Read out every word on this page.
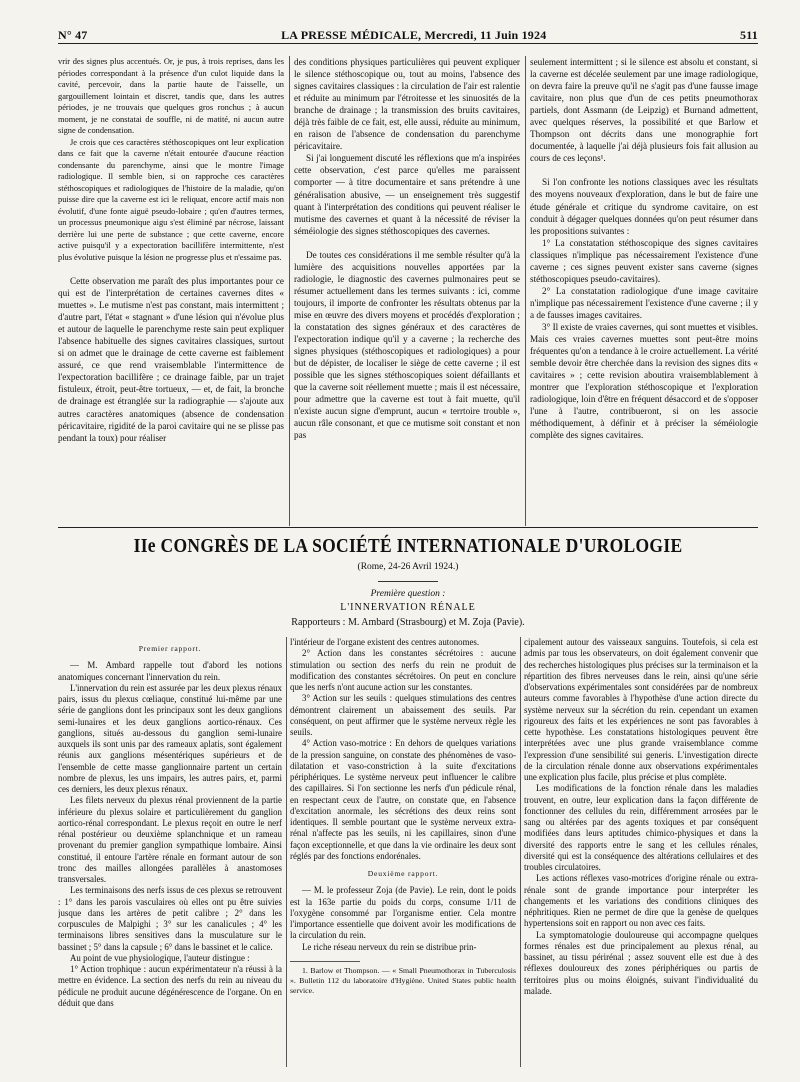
N° 47	LA PRESSE MÉDICALE, Mercredi, 11 Juin 1924	511

vrir des signes plus accentués. Or, je pus, à trois reprises, dans les périodes correspondant à la présence d'un culot liquide dans la cavité, percevoir, dans la partie haute de l'aisselle, un gargouillement lointain et discret, tandis que, dans les autres périodes, je ne trouvais que quelques gros ronchus ; à aucun moment, je ne constatai de souffle, ni de matité, ni aucun autre signe de condensation.

Je crois que ces caractères stéthoscopiques ont leur explication dans ce fait que la caverne n'était entourée d'aucune réaction condensante du parenchyme, ainsi que le montre l'image radiologique. Il semble bien, si on rapproche ces caractères stéthoscopiques et radiologiques de l'histoire de la maladie, qu'on puisse dire que la caverne est ici le reliquat, encore actif mais non évolutif, d'une fonte aiguë pseudo-lobaire ; qu'en d'autres termes, un processus pneumonique aigu s'est éliminé par nécrose, laissant derrière lui une perte de substance ; que cette caverne, encore active puisqu'il y a expectoration bacillifère intermittente, n'est plus évolutive puisque la lésion ne progresse plus et n'essaime pas.

Cette observation me paraît des plus importantes pour ce qui est de l'interprétation de certaines cavernes dites « muettes ». Le mutisme n'est pas constant, mais intermittent ; d'autre part, l'état « stagnant » d'une lésion qui n'évolue plus et autour de laquelle le parenchyme reste sain peut expliquer l'absence habituelle des signes cavitaires classiques, surtout si on admet que le drainage de cette caverne est faiblement assuré, ce que rend vraisemblable l'intermittence de l'expectoration bacillifère ; ce drainage faible, par un trajet fistuleux, étroit, peut-être tortueux, — et, de fait, la bronche de drainage est étranglée sur la radiographie — s'ajoute aux autres caractères anatomiques (absence de condensation péricavitaire, rigidité de la paroi cavitaire qui ne se plisse pas pendant la toux) pour réaliser

des conditions physiques particulières qui peuvent expliquer le silence stéthoscopique ou, tout au moins, l'absence des signes cavitaires classiques : la circulation de l'air est ralentie et réduite au minimum par l'étroitesse et les sinuosités de la branche de drainage ; la transmission des bruits cavitaires, déjà très faible de ce fait, est, elle aussi, réduite au minimum, en raison de l'absence de condensation du parenchyme péricavitaire.

Si j'ai longuement discuté les réflexions que m'a inspirées cette observation, c'est parce qu'elles me paraissent comporter — à titre documentaire et sans prétendre à une généralisation abusive, — un enseignement très suggestif quant à l'interprétation des conditions qui peuvent réaliser le mutisme des cavernes et quant à la nécessité de réviser la séméiologie des signes stéthoscopiques des cavernes.

De toutes ces considérations il me semble résulter qu'à la lumière des acquisitions nouvelles apportées par la radiologie, le diagnostic des cavernes pulmonaires peut se résumer actuellement dans les termes suivants : ici, comme toujours, il importe de confronter les résultats obtenus par la mise en œuvre des divers moyens et procédés d'exploration ; la constatation des signes généraux et des caractères de l'expectoration indique qu'il y a caverne ; la recherche des signes physiques (stéthoscopiques et radiologiques) a pour but de dépister, de localiser le siège de cette caverne ; il est possible que les signes stéthoscopiques soient défaillants et que la caverne soit réellement muette ; mais il est nécessaire, pour admettre que la caverne est tout à fait muette, qu'il n'existe aucun signe d'emprunt, aucun « terrtoire trouble », aucun râle consonant, et que ce mutisme soit constant et non pas

seulement intermittent ; si le silence est absolu et constant, si la caverne est décelée seulement par une image radiologique, on devra faire la preuve qu'il ne s'agit pas d'une fausse image cavitaire, non plus que d'un de ces petits pneumothorax partiels, dont Assmann (de Leipzig) et Burnand admettent, avec quelques réserves, la possibilité et que Barlow et Thompson ont décrits dans une monographie fort documentée, à laquelle j'ai déjà plusieurs fois fait allusion au cours de ces leçons¹.

Si l'on confronte les notions classiques avec les résultats des moyens nouveaux d'exploration, dans le but de faire une étude générale et critique du syndrome cavitaire, on est conduit à dégager quelques données qu'on peut résumer dans les propositions suivantes :

1° La constatation stéthoscopique des signes cavitaires classiques n'implique pas nécessairement l'existence d'une caverne ; ces signes peuvent exister sans caverne (signes stéthoscopiques pseudo-cavitaires).

2° La constatation radiologique d'une image cavitaire n'implique pas nécessairement l'existence d'une caverne ; il y a de fausses images cavitaires.

3° Il existe de vraies cavernes, qui sont muettes et visibles. Mais ces vraies cavernes muettes sont peut-être moins fréquentes qu'on a tendance à le croire actuellement. La vérité semble devoir être cherchée dans la revision des signes dits « cavitaires » ; cette revision aboutira vraisemblablement à montrer que l'exploration stéthoscopique et l'exploration radiologique, loin d'être en fréquent désaccord et de s'opposer l'une à l'autre, contribueront, si on les associe méthodiquement, à définir et à préciser la séméiologie complète des signes cavitaires.

IIe CONGRÈS DE LA SOCIÉTÉ INTERNATIONALE D'UROLOGIE
(Rome, 24-26 Avril 1924.)
Première question :
L'INNERVATION RÉNALE
Rapporteurs : M. Ambard (Strasbourg) et M. Zoja (Pavie).

Premier rapport.

— M. Ambard rappelle tout d'abord les notions anatomiques concernant l'innervation du rein.

L'innervation du rein est assurée par les deux plexus rénaux pairs, issus du plexus cœliaque, constitué lui-même par une série de ganglions dont les principaux sont les deux ganglions semi-lunaires et les deux ganglions aortico-rénaux. Ces ganglions, situés au-dessous du ganglion semi-lunaire auxquels ils sont unis par des rameaux aplatis, sont également réunis aux ganglions mésentériques supérieurs et de l'ensemble de cette masse ganglionnaire partent un certain nombre de plexus, les uns impairs, les autres pairs, et, parmi ces derniers, les deux plexus rénaux.

Les filets nerveux du plexus rénal proviennent de la partie inférieure du plexus solaire et particulièrement du ganglion aortico-rénal correspondant. Le plexus reçoit en outre le nerf rénal postérieur ou deuxième splanchnique et un rameau provenant du premier ganglion sympathique lombaire. Ainsi constitué, il entoure l'artère rénale en formant autour de son tronc des mailles allongées parallèles à anastomoses transversales.

Les terminaisons des nerfs issus de ces plexus se retrouvent : 1° dans les parois vasculaires où elles ont pu être suivies jusque dans les artères de petit calibre ; 2° dans les corpuscules de Malpighi ; 3° sur les canalicules ; 4° les terminaisons libres sensitives dans la musculature sur le bassinet ; 5° dans la capsule ; 6° dans le bassinet et le calice.

Au point de vue physiologique, l'auteur distingue :

1° Action trophique : aucun expérimentateur n'a réussi à la mettre en évidence. La section des nerfs du rein au niveau du pédicule ne produit aucune dégénérescence de l'organe. On en déduit que dans

l'intérieur de l'organe existent des centres autonomes.

2° Action dans les constantes sécrétoires : aucune stimulation ou section des nerfs du rein ne produit de modification des constantes sécrétoires. On peut en conclure que les nerfs n'ont aucune action sur les constantes.

3° Action sur les seuils : quelques stimulations des centres démontrent clairement un abaissement des seuils. Par conséquent, on peut affirmer que le système nerveux règle les seuils.

4° Action vaso-motrice : En dehors de quelques variations de la pression sanguine, on constate des phénomènes de vaso-dilatation et vaso-constriction à la suite d'excitations périphériques. Le système nerveux peut influencer le calibre des capillaires. Si l'on sectionne les nerfs d'un pédicule rénal, en respectant ceux de l'autre, on constate que, en l'absence d'excitation anormale, les sécrétions des deux reins sont identiques. Il semble pourtant que le système nerveux extra-rénal n'affecte pas les seuils, ni les capillaires, sinon d'une façon exceptionnelle, et que dans la vie ordinaire les deux sont réglés par des fonctions endorénales.

Deuxième rapport.

— M. le professeur Zoja (de Pavie). Le rein, dont le poids est la 163e partie du poids du corps, consume 1/11 de l'oxygène consommé par l'organisme entier. Cela montre l'importance essentielle que doivent avoir les modifications de la circulation du rein.

Le riche réseau nerveux du rein se distribue prin-

1. Barlow et Thompson. — « Small Pneumothorax in Tuberculosis ». Bulletin 112 du laboratoire d'Hygiène. United States public health service.

cipalement autour des vaisseaux sanguins. Toutefois, si cela est admis par tous les observateurs, on doit également convenir que des recherches histologiques plus précises sur la terminaison et la répartition des fibres nerveuses dans le rein, ainsi qu'une série d'observations expérimentales sont considérées par de nombreux auteurs comme favorables à l'hypothèse d'une action directe du système nerveux sur la sécrétion du rein. cependant un examen rigoureux des faits et les expériences ne sont pas favorables à cette hypothèse. Les constatations histologiques peuvent être interprétées avec une plus grande vraisemblance comme l'expression d'une sensibilité sui generis. L'investigation directe de la circulation rénale donne aux observations expérimentales une explication plus facile, plus précise et plus complète.

Les modifications de la fonction rénale dans les maladies trouvent, en outre, leur explication dans la façon différente de fonctionner des cellules du rein, différemment arrosées par le sang ou altérées par des agents toxiques et par conséquent modifiées dans leurs aptitudes chimico-physiques et dans la diversité des rapports entre le sang et les cellules rénales, diversité qui est la conséquence des altérations cellulaires et des troubles circulatoires.

Les actions réflexes vaso-motrices d'origine rénale ou extra-rénale sont de grande importance pour interpréter les changements et les variations des conditions cliniques des néphritiques. Rien ne permet de dire que la genèse de quelques hypertensions soit en rapport ou non avec ces faits.

La symptomatologie douloureuse qui accompagne quelques formes rénales est due principalement au plexus rénal, au bassinet, au tissu périrénal ; assez souvent elle est due à des réflexes douloureux des zones périphériques ou partis de territoires plus ou moins éloignés, suivant l'individualité du malade.
